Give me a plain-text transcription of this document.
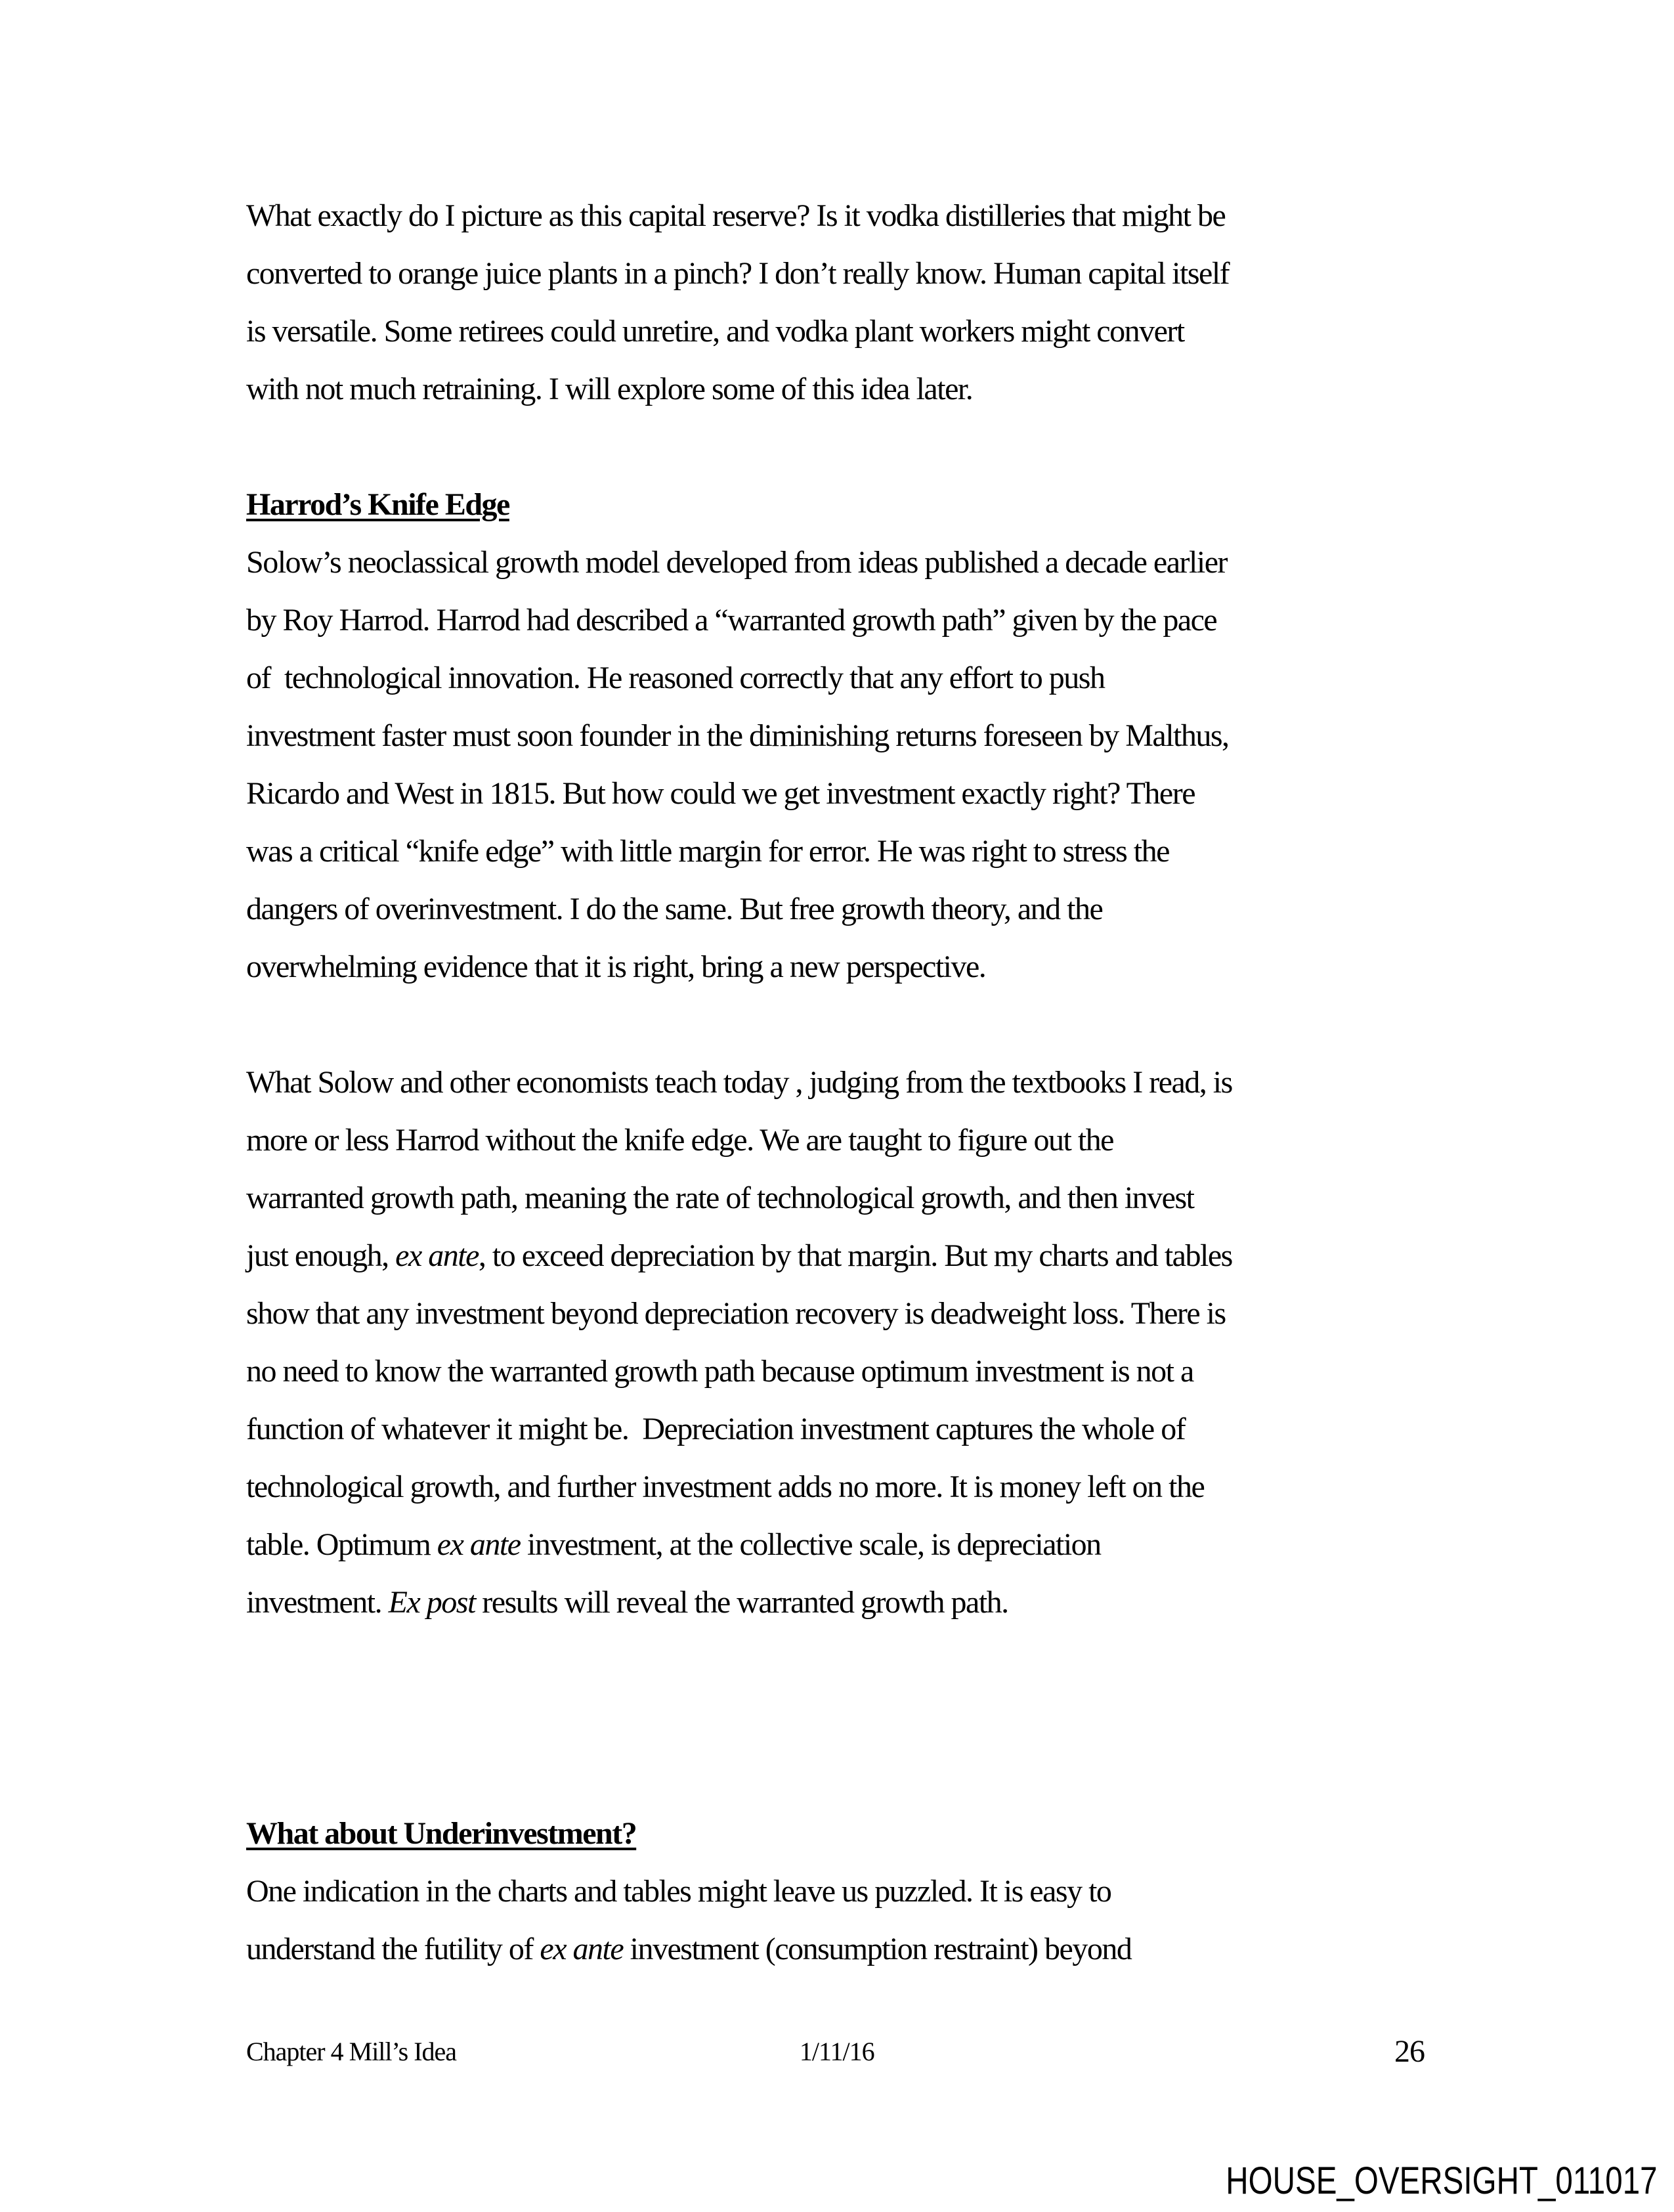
What exactly do I picture as this capital reserve? Is it vodka distilleries that might be
converted to orange juice plants in a pinch? I don’t really know. Human capital itself
is versatile. Some retirees could unretire, and vodka plant workers might convert
with not much retraining. I will explore some of this idea later.
Harrod’s Knife Edge
Solow’s neoclassical growth model developed from ideas published a decade earlier
by Roy Harrod. Harrod had described a “warranted growth path” given by the pace
of  technological innovation. He reasoned correctly that any effort to push
investment faster must soon founder in the diminishing returns foreseen by Malthus,
Ricardo and West in 1815. But how could we get investment exactly right? There
was a critical “knife edge” with little margin for error. He was right to stress the
dangers of overinvestment. I do the same. But free growth theory, and the
overwhelming evidence that it is right, bring a new perspective.
What Solow and other economists teach today , judging from the textbooks I read, is
more or less Harrod without the knife edge. We are taught to figure out the
warranted growth path, meaning the rate of technological growth, and then invest
just enough, ex ante, to exceed depreciation by that margin. But my charts and tables
show that any investment beyond depreciation recovery is deadweight loss. There is
no need to know the warranted growth path because optimum investment is not a
function of whatever it might be.  Depreciation investment captures the whole of
technological growth, and further investment adds no more. It is money left on the
table. Optimum ex ante investment, at the collective scale, is depreciation
investment. Ex post results will reveal the warranted growth path.
What about Underinvestment?
One indication in the charts and tables might leave us puzzled. It is easy to
understand the futility of ex ante investment (consumption restraint) beyond
Chapter 4 Mill’s Idea	1/11/16	26
HOUSE_OVERSIGHT_011017
